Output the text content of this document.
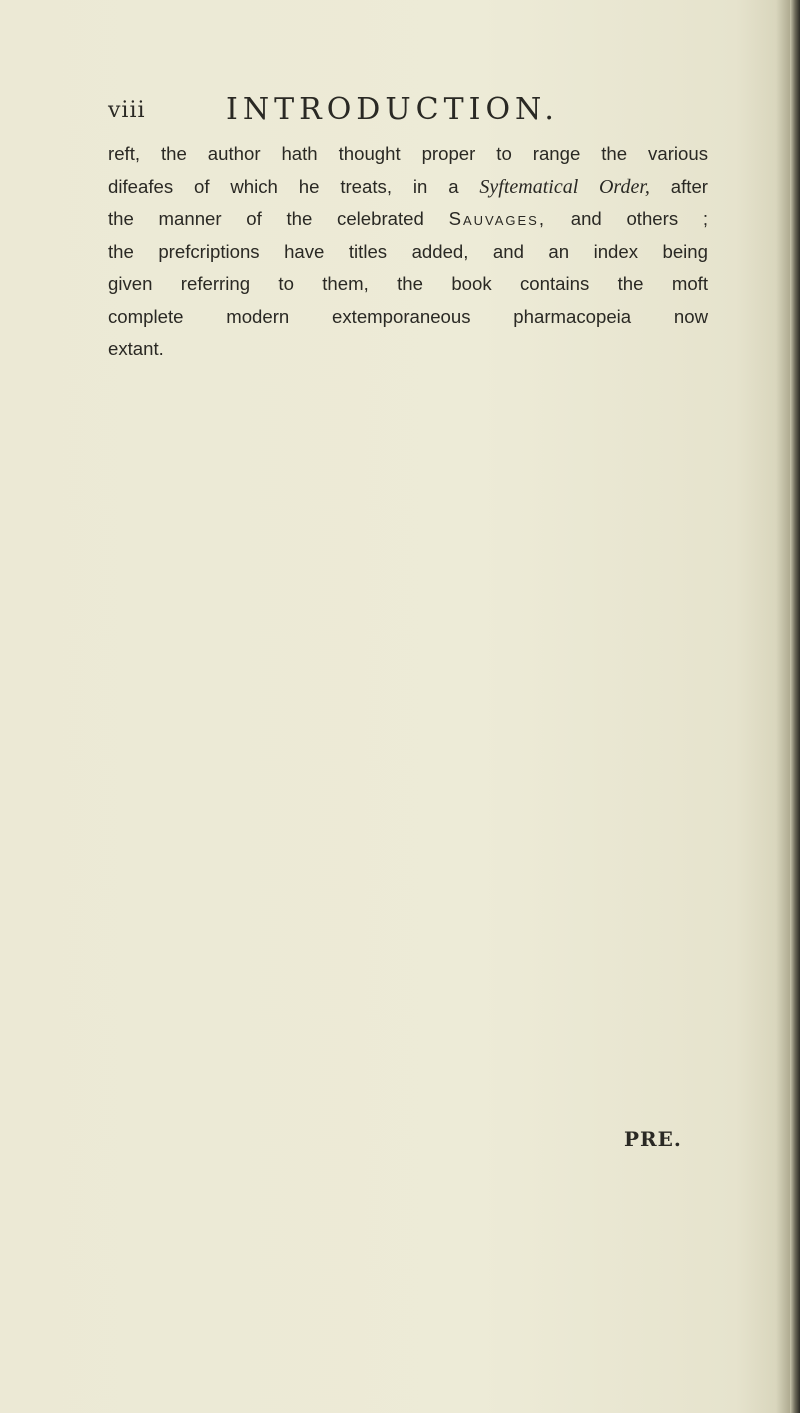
viii	INTRODUCTION.
reft, the author hath thought proper to range the various
difeafes of which he treats, in a Syftematical Order, after
the manner of the celebrated Sauvages, and others ;
the prefcriptions have titles added, and an index being
given referring to them, the book contains the moft
complete modern extemporaneous pharmacopeia now
extant.
PRE.
